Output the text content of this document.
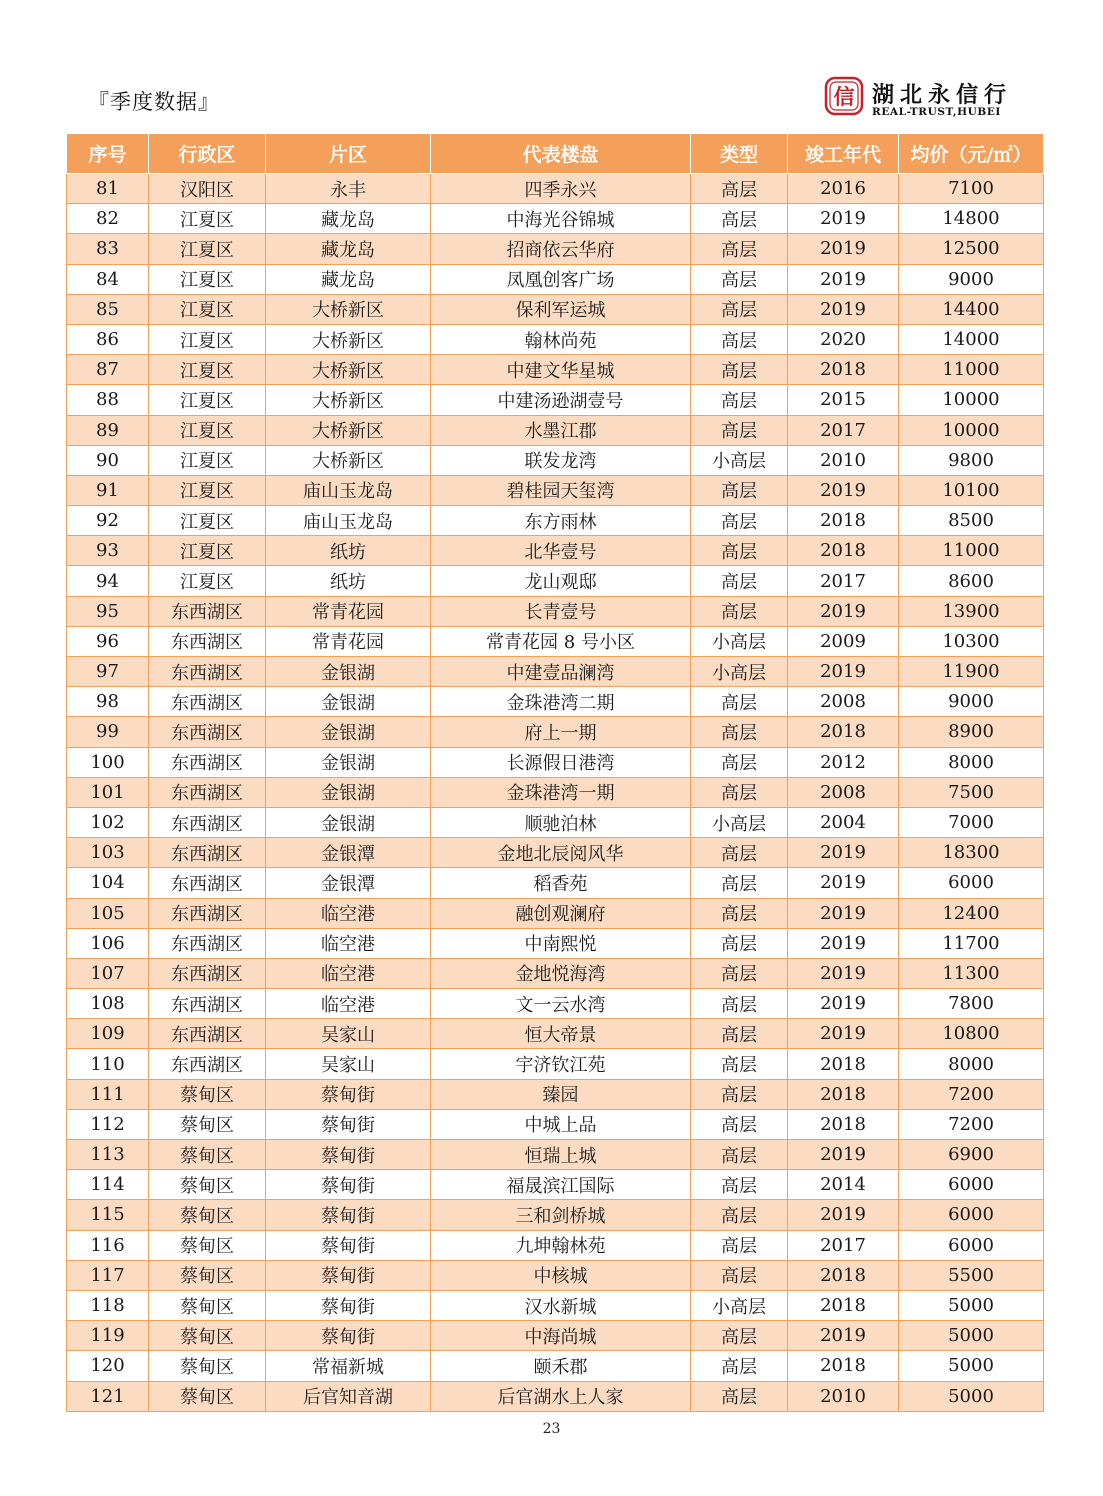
『季度数据』	信 湖北永信行
REAL-TRUST,HUBEI
序号	行政区	片区	代表楼盘	类型	竣工年代	均价（元/㎡）
81	汉阳区	永丰	四季永兴	高层	2016	7100
82	江夏区	藏龙岛	中海光谷锦城	高层	2019	14800
83	江夏区	藏龙岛	招商依云华府	高层	2019	12500
84	江夏区	藏龙岛	凤凰创客广场	高层	2019	9000
85	江夏区	大桥新区	保利军运城	高层	2019	14400
86	江夏区	大桥新区	翰林尚苑	高层	2020	14000
87	江夏区	大桥新区	中建文华星城	高层	2018	11000
88	江夏区	大桥新区	中建汤逊湖壹号	高层	2015	10000
89	江夏区	大桥新区	水墨江郡	高层	2017	10000
90	江夏区	大桥新区	联发龙湾	小高层	2010	9800
91	江夏区	庙山玉龙岛	碧桂园天玺湾	高层	2019	10100
92	江夏区	庙山玉龙岛	东方雨林	高层	2018	8500
93	江夏区	纸坊	北华壹号	高层	2018	11000
94	江夏区	纸坊	龙山观邸	高层	2017	8600
95	东西湖区	常青花园	长青壹号	高层	2019	13900
96	东西湖区	常青花园	常青花园 8 号小区	小高层	2009	10300
97	东西湖区	金银湖	中建壹品澜湾	小高层	2019	11900
98	东西湖区	金银湖	金珠港湾二期	高层	2008	9000
99	东西湖区	金银湖	府上一期	高层	2018	8900
100	东西湖区	金银湖	长源假日港湾	高层	2012	8000
101	东西湖区	金银湖	金珠港湾一期	高层	2008	7500
102	东西湖区	金银湖	顺驰泊林	小高层	2004	7000
103	东西湖区	金银潭	金地北辰阅风华	高层	2019	18300
104	东西湖区	金银潭	稻香苑	高层	2019	6000
105	东西湖区	临空港	融创观澜府	高层	2019	12400
106	东西湖区	临空港	中南熙悦	高层	2019	11700
107	东西湖区	临空港	金地悦海湾	高层	2019	11300
108	东西湖区	临空港	文一云水湾	高层	2019	7800
109	东西湖区	吴家山	恒大帝景	高层	2019	10800
110	东西湖区	吴家山	宇济钦江苑	高层	2018	8000
111	蔡甸区	蔡甸街	臻园	高层	2018	7200
112	蔡甸区	蔡甸街	中城上品	高层	2018	7200
113	蔡甸区	蔡甸街	恒瑞上城	高层	2019	6900
114	蔡甸区	蔡甸街	福晟滨江国际	高层	2014	6000
115	蔡甸区	蔡甸街	三和剑桥城	高层	2019	6000
116	蔡甸区	蔡甸街	九坤翰林苑	高层	2017	6000
117	蔡甸区	蔡甸街	中核城	高层	2018	5500
118	蔡甸区	蔡甸街	汉水新城	小高层	2018	5000
119	蔡甸区	蔡甸街	中海尚城	高层	2019	5000
120	蔡甸区	常福新城	颐禾郡	高层	2018	5000
121	蔡甸区	后官知音湖	后官湖水上人家	高层	2010	5000
23
